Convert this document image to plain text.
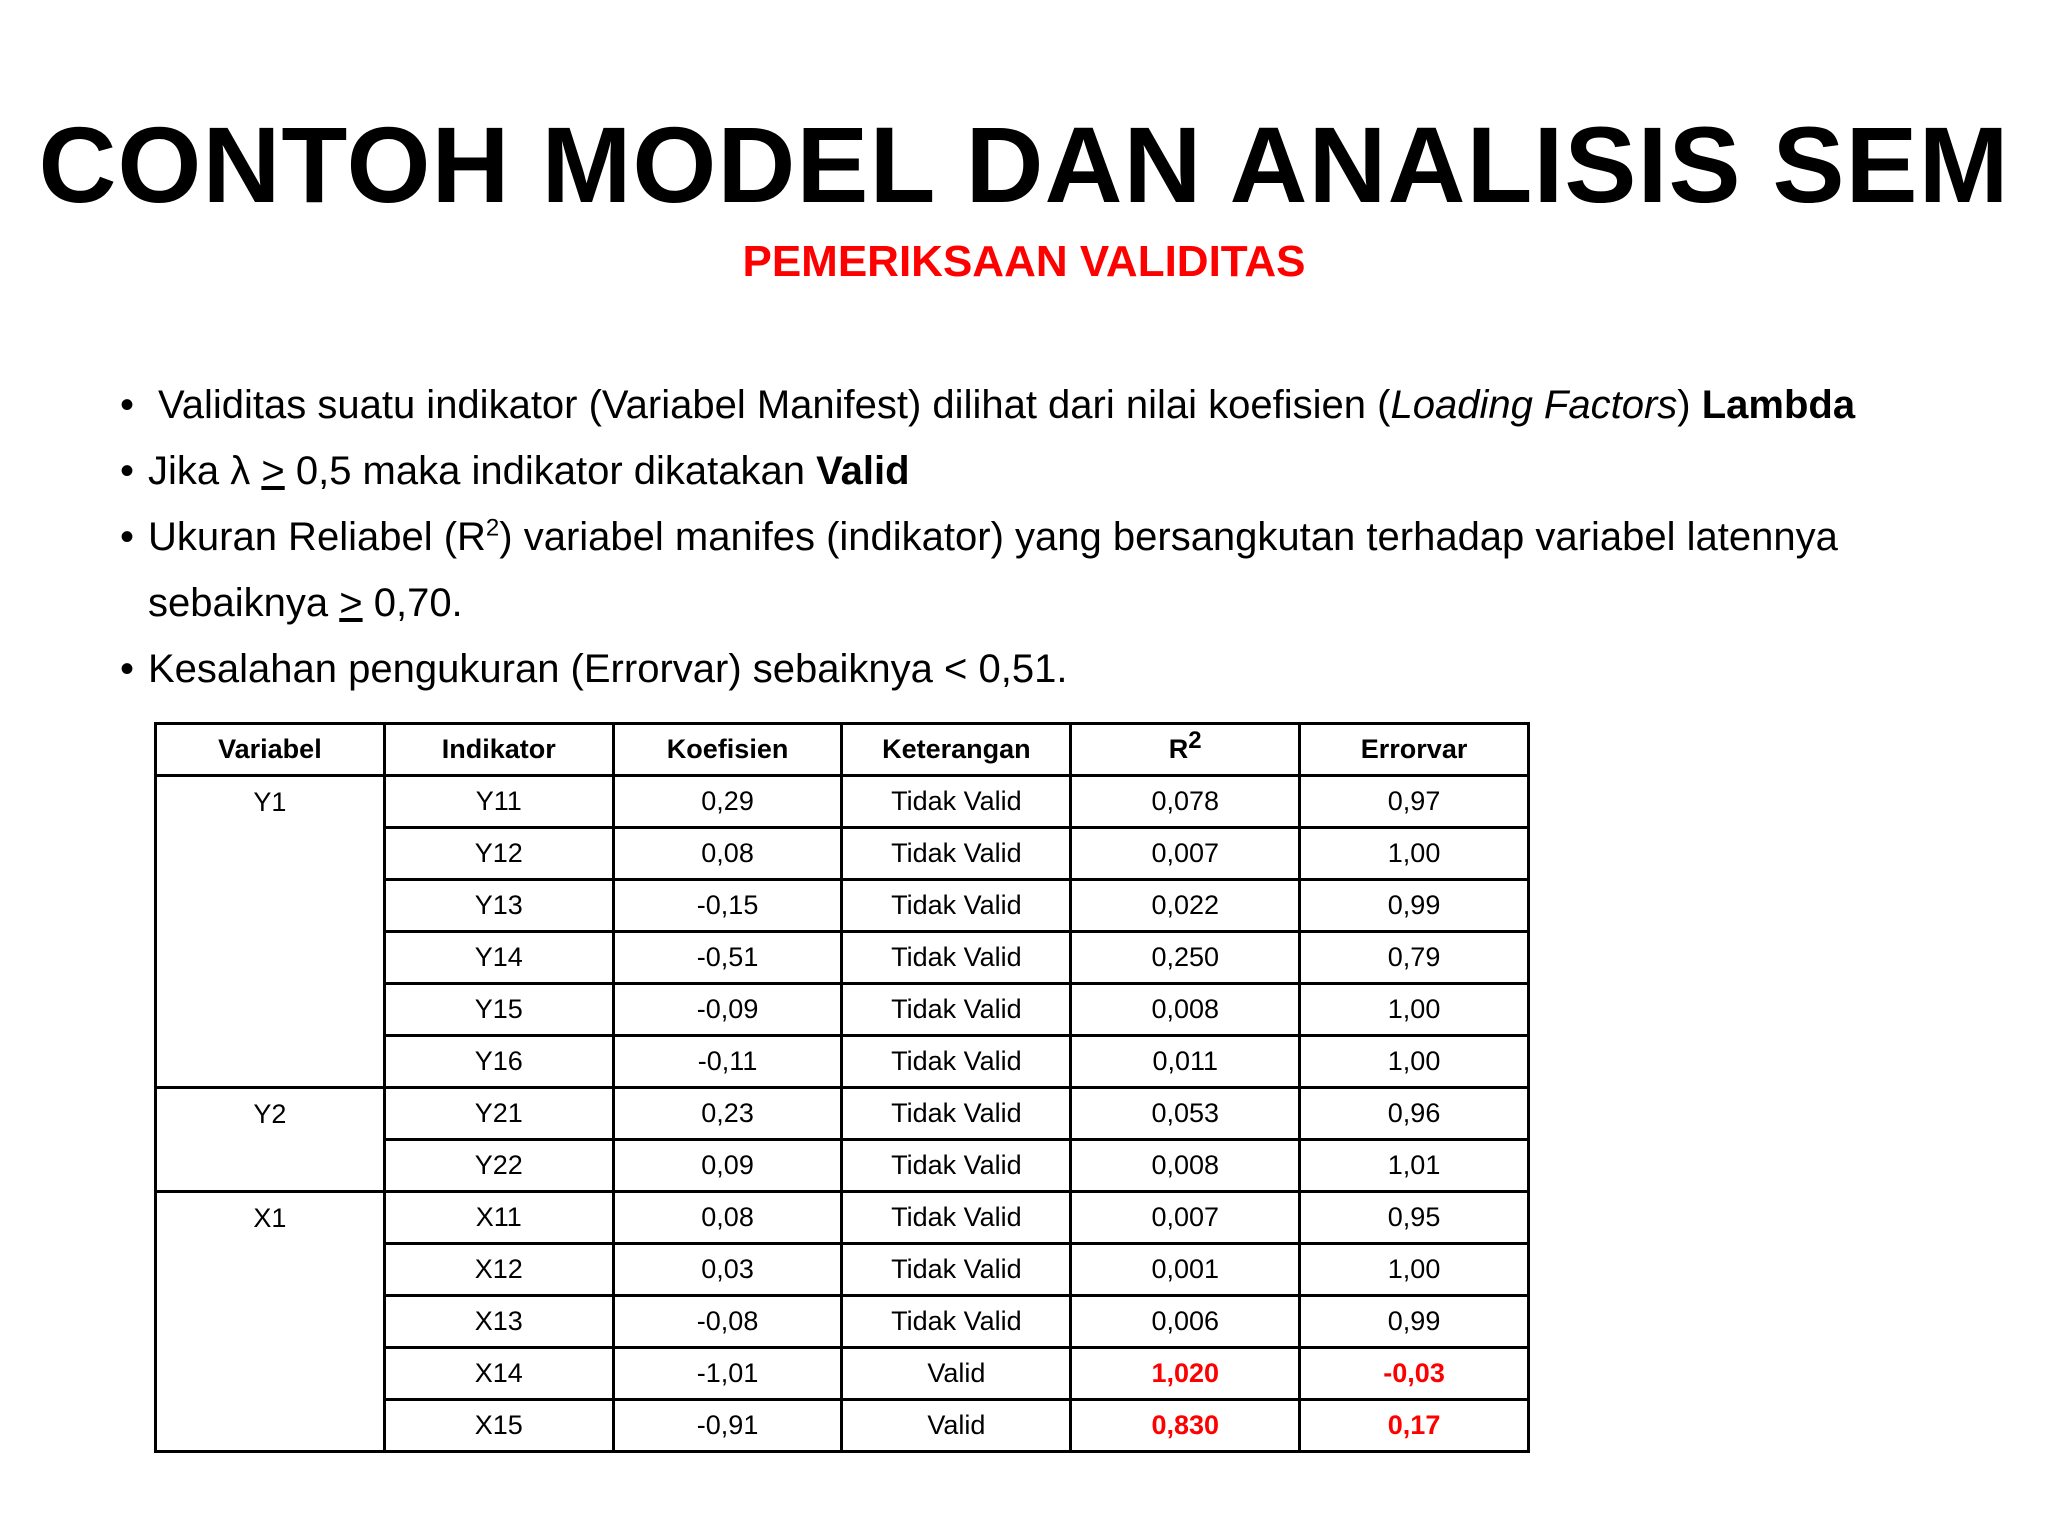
CONTOH MODEL DAN ANALISIS SEM
PEMERIKSAAN VALIDITAS
• Validitas suatu indikator (Variabel Manifest) dilihat dari nilai koefisien (Loading Factors) Lambda
• Jika λ > 0,5 maka indikator dikatakan Valid
• Ukuran Reliabel $(R^2)$ variabel manifes (indikator) yang bersangkutan terhadap variabel latennya
sebaiknya > 0,70.
• Kesalahan pengukuran (Errorvar) sebaiknya < 0,51.
Variabel	Indikator	Koefisien	Keterangan	$R^2$	Errorvar
Y1	Y11	0,29	Tidak Valid	0,078	0,97
	Y12	0,08	Tidak Valid	0,007	1,00
	Y13	-0,15	Tidak Valid	0,022	0,99
	Y14	-0,51	Tidak Valid	0,250	0,79
	Y15	-0,09	Tidak Valid	0,008	1,00
	Y16	-0,11	Tidak Valid	0,011	1,00
Y2	Y21	0,23	Tidak Valid	0,053	0,96
	Y22	0,09	Tidak Valid	0,008	1,01
X1	X11	0,08	Tidak Valid	0,007	0,95
	X12	0,03	Tidak Valid	0,001	1,00
	X13	-0,08	Tidak Valid	0,006	0,99
	X14	-1,01	Valid	1,020	-0,03
	X15	-0,91	Valid	0,830	0,17
